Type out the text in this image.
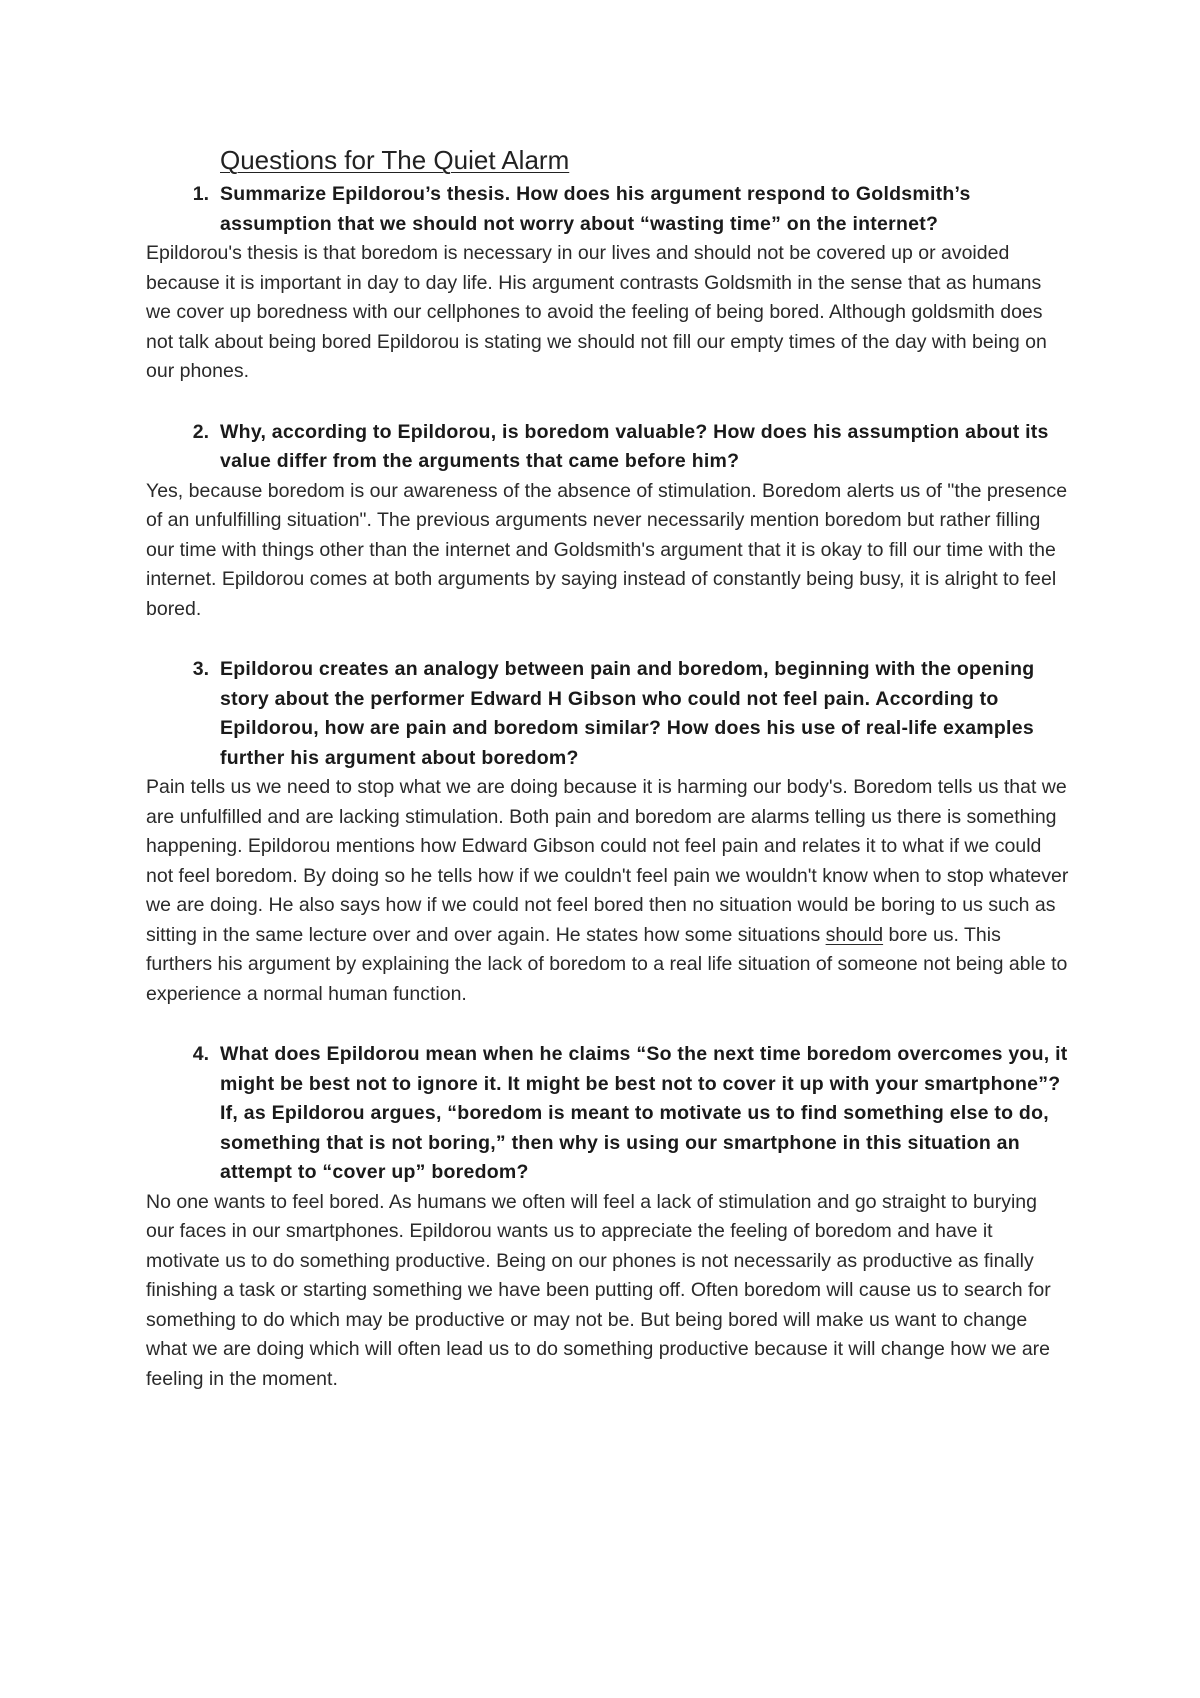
Questions for The Quiet Alarm
1. Summarize Epildorou’s thesis. How does his argument respond to Goldsmith’s assumption that we should not worry about “wasting time” on the internet?

Epildorou's thesis is that boredom is necessary in our lives and should not be covered up or avoided because it is important in day to day life. His argument contrasts Goldsmith in the sense that as humans we cover up boredness with our cellphones to avoid the feeling of being bored. Although goldsmith does not talk about being bored Epildorou is stating we should not fill our empty times of the day with being on our phones.

2. Why, according to Epildorou, is boredom valuable? How does his assumption about its value differ from the arguments that came before him?

Yes, because boredom is our awareness of the absence of stimulation. Boredom alerts us of "the presence of an unfulfilling situation". The previous arguments never necessarily mention boredom but rather filling our time with things other than the internet and Goldsmith's argument that it is okay to fill our time with the internet. Epildorou comes at both arguments by saying instead of constantly being busy, it is alright to feel bored.

3. Epildorou creates an analogy between pain and boredom, beginning with the opening story about the performer Edward H Gibson who could not feel pain. According to Epildorou, how are pain and boredom similar? How does his use of real-life examples further his argument about boredom?

Pain tells us we need to stop what we are doing because it is harming our body's. Boredom tells us that we are unfulfilled and are lacking stimulation. Both pain and boredom are alarms telling us there is something happening. Epildorou mentions how Edward Gibson could not feel pain and relates it to what if we could not feel boredom. By doing so he tells how if we couldn't feel pain we wouldn't know when to stop whatever we are doing. He also says how if we could not feel bored then no situation would be boring to us such as sitting in the same lecture over and over again. He states how some situations should bore us. This furthers his argument by explaining the lack of boredom to a real life situation of someone not being able to experience a normal human function.

4. What does Epildorou mean when he claims “So the next time boredom overcomes you, it might be best not to ignore it. It might be best not to cover it up with your smartphone”? If, as Epildorou argues, “boredom is meant to motivate us to find something else to do, something that is not boring,” then why is using our smartphone in this situation an attempt to “cover up” boredom?

No one wants to feel bored. As humans we often will feel a lack of stimulation and go straight to burying our faces in our smartphones. Epildorou wants us to appreciate the feeling of boredom and have it motivate us to do something productive. Being on our phones is not necessarily as productive as finally finishing a task or starting something we have been putting off. Often boredom will cause us to search for something to do which may be productive or may not be. But being bored will make us want to change what we are doing which will often lead us to do something productive because it will change how we are feeling in the moment.
